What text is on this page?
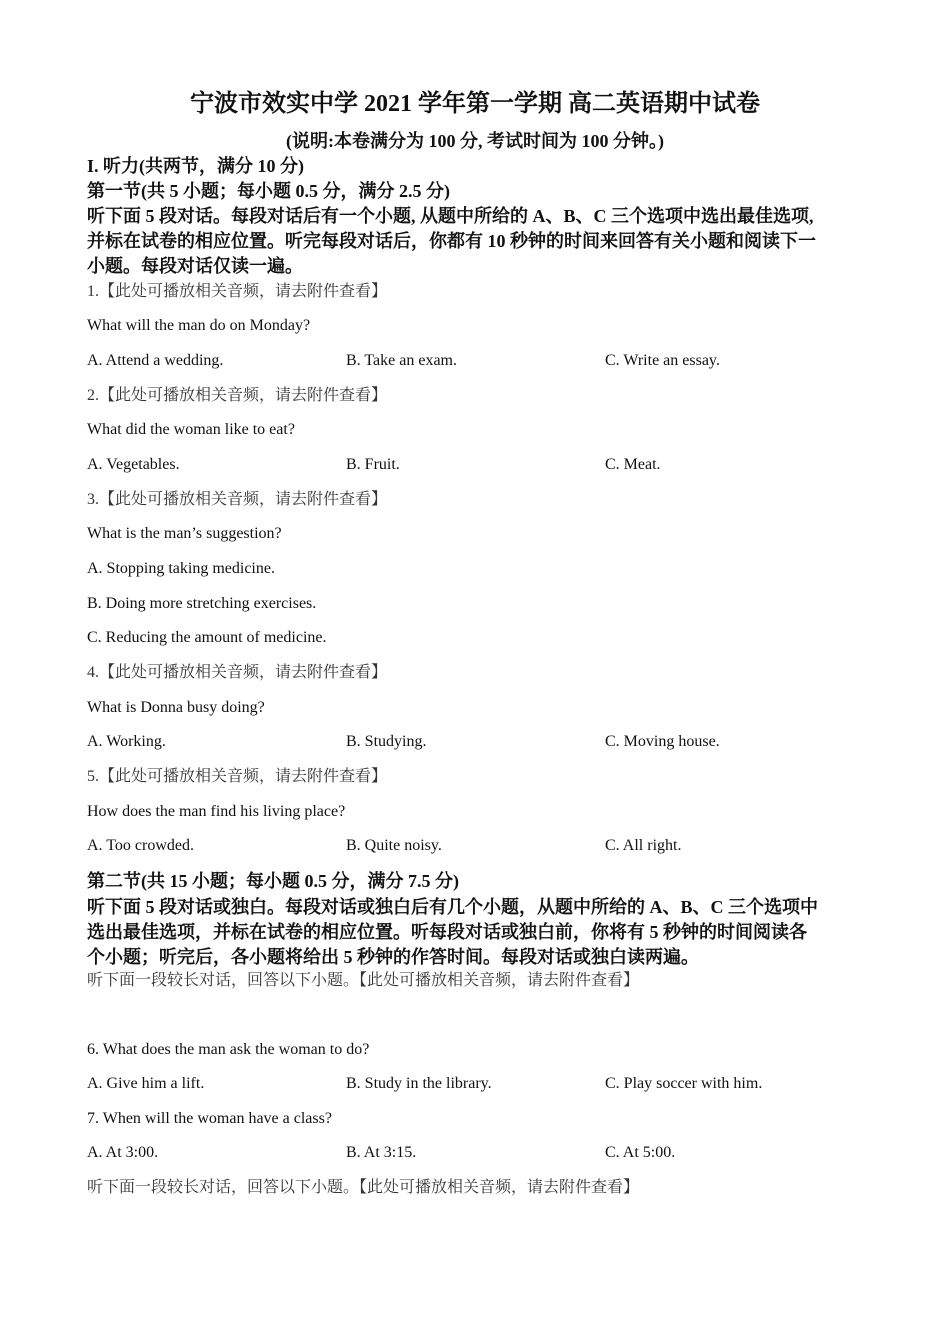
宁波市效实中学 2021 学年第一学期 高二英语期中试卷
(说明:本卷满分为 100 分, 考试时间为 100 分钟。)
I. 听力(共两节，满分 10 分)
第一节(共 5 小题；每小题 0.5 分，满分 2.5 分)
听下面 5 段对话。每段对话后有一个小题, 从题中所给的 A、B、C 三个选项中选出最佳选项,
并标在试卷的相应位置。听完每段对话后，你都有 10 秒钟的时间来回答有关小题和阅读下一
小题。每段对话仅读一遍。
1.【此处可播放相关音频，请去附件查看】
What will the man do on Monday?
A. Attend a wedding.	B. Take an exam.	C. Write an essay.
2.【此处可播放相关音频，请去附件查看】
What did the woman like to eat?
A. Vegetables.	B. Fruit.	C. Meat.
3.【此处可播放相关音频，请去附件查看】
What is the man’s suggestion?
A. Stopping taking medicine.
B. Doing more stretching exercises.
C. Reducing the amount of medicine.
4.【此处可播放相关音频，请去附件查看】
What is Donna busy doing?
A. Working.	B. Studying.	C. Moving house.
5.【此处可播放相关音频，请去附件查看】
How does the man find his living place?
A. Too crowded.	B. Quite noisy.	C. All right.
第二节(共 15 小题；每小题 0.5 分，满分 7.5 分)
听下面 5 段对话或独白。每段对话或独白后有几个小题，从题中所给的 A、B、C 三个选项中
选出最佳选项，并标在试卷的相应位置。听每段对话或独白前，你将有 5 秒钟的时间阅读各
个小题；听完后，各小题将给出 5 秒钟的作答时间。每段对话或独白读两遍。
听下面一段较长对话，回答以下小题。【此处可播放相关音频，请去附件查看】
6. What does the man ask the woman to do?
A. Give him a lift.	B. Study in the library.	C. Play soccer with him.
7. When will the woman have a class?
A. At 3:00.	B. At 3:15.	C. At 5:00.
听下面一段较长对话，回答以下小题。【此处可播放相关音频，请去附件查看】
